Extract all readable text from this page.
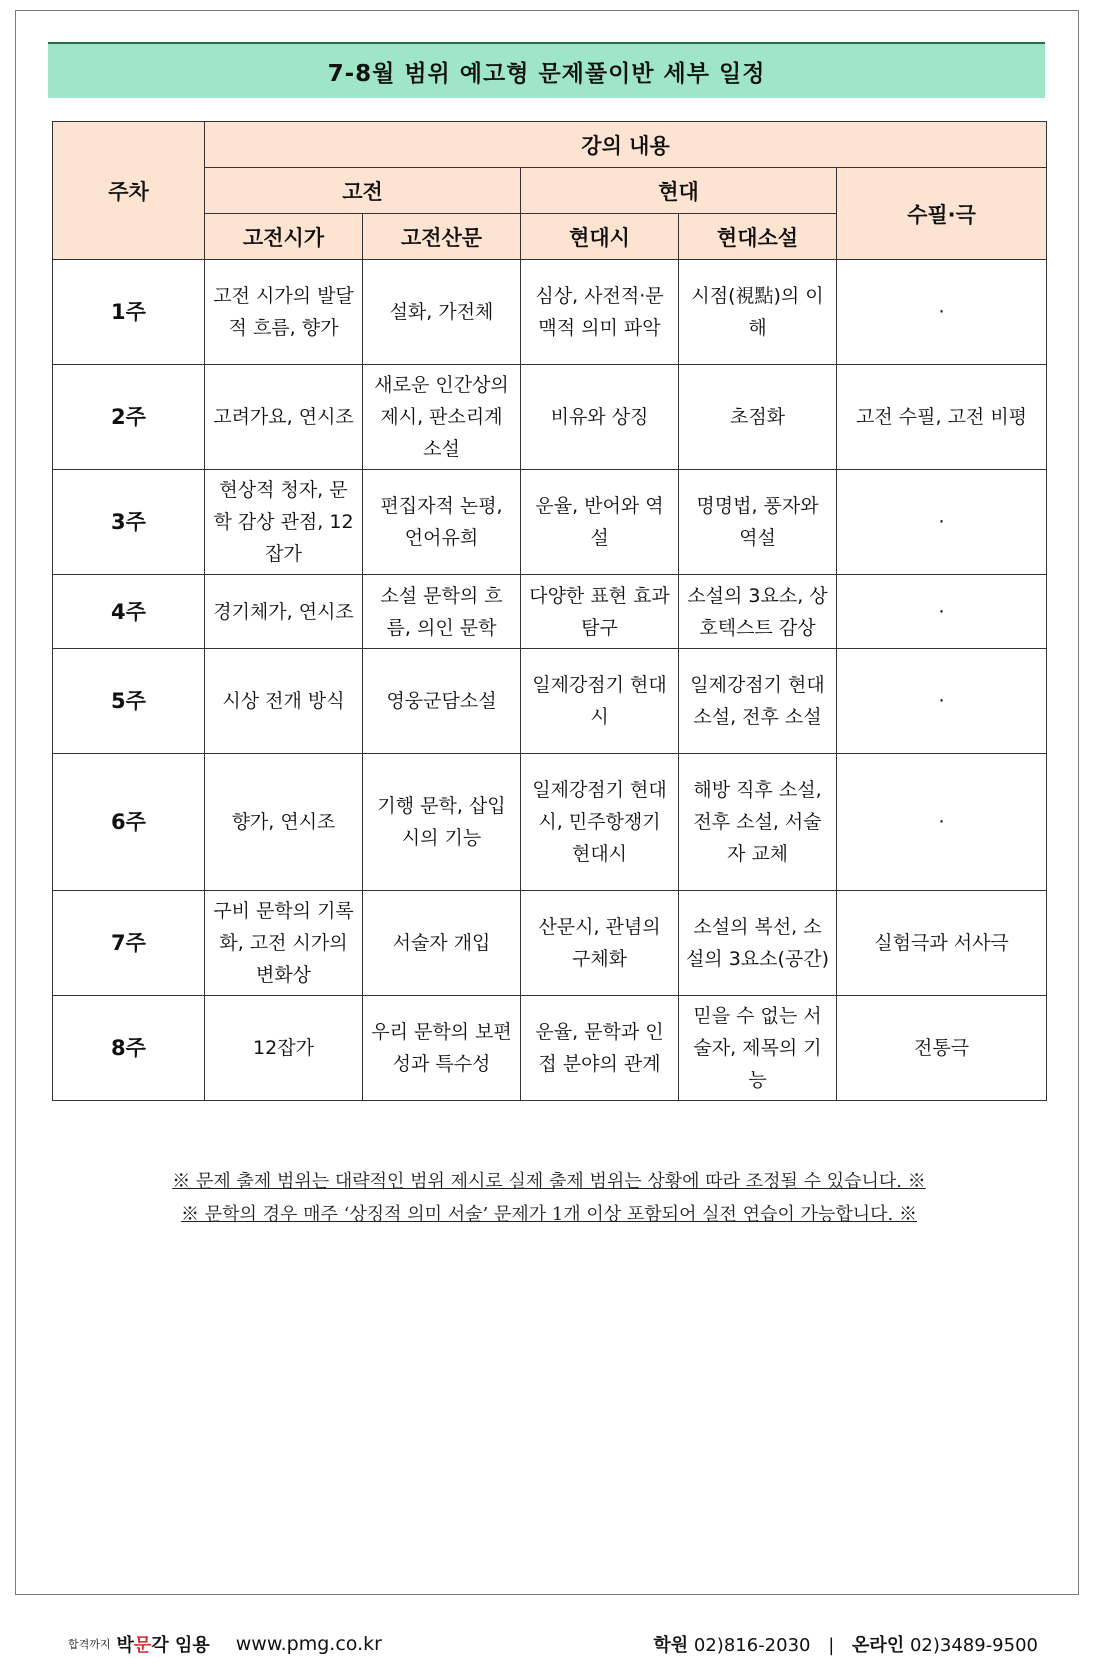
7-8월 범위 예고형 문제풀이반 세부 일정
주차	강의 내용				
	고전		현대		수필·극
	고전시가	고전산문	현대시	현대소설	
1주	고전 시가의 발달적 흐름, 향가	설화, 가전체	심상, 사전적·문맥적 의미 파악	시점(視點)의 이해	·
2주	고려가요, 연시조	새로운 인간상의 제시, 판소리계 소설	비유와 상징	초점화	고전 수필, 고전 비평
3주	현상적 청자, 문학 감상 관점, 12잡가	편집자적 논평, 언어유희	운율, 반어와 역설	명명법, 풍자와 역설	·
4주	경기체가, 연시조	소설 문학의 흐름, 의인 문학	다양한 표현 효과 탐구	소설의 3요소, 상호텍스트 감상	·
5주	시상 전개 방식	영웅군담소설	일제강점기 현대시	일제강점기 현대소설, 전후 소설	·
6주	향가, 연시조	기행 문학, 삽입시의 기능	일제강점기 현대시, 민주항쟁기 현대시	해방 직후 소설, 전후 소설, 서술자 교체	·
7주	구비 문학의 기록화, 고전 시가의 변화상	서술자 개입	산문시, 관념의 구체화	소설의 복선, 소설의 3요소(공간)	실험극과 서사극
8주	12잡가	우리 문학의 보편성과 특수성	운율, 문학과 인접 분야의 관계	믿을 수 없는 서술자, 제목의 기능	전통극
※ 문제 출제 범위는 대략적인 범위 제시로 실제 출제 범위는 상황에 따라 조정될 수 있습니다. ※
※ 문학의 경우 매주 ‘상징적 의미 서술’ 문제가 1개 이상 포함되어 실전 연습이 가능합니다. ※
합격까지 박문각 임용 www.pmg.co.kr	학원 02)816-2030 | 온라인 02)3489-9500
